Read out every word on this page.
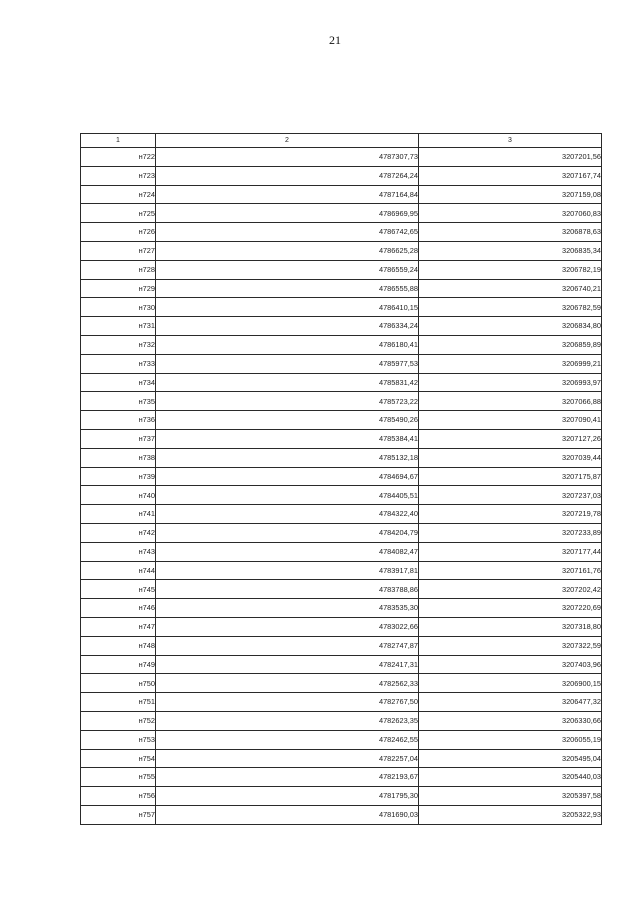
21
1	2	3
н722	4787307,73	3207201,56
н723	4787264,24	3207167,74
н724	4787164,84	3207159,08
н725	4786969,95	3207060,83
н726	4786742,65	3206878,63
н727	4786625,28	3206835,34
н728	4786559,24	3206782,19
н729	4786555,88	3206740,21
н730	4786410,15	3206782,59
н731	4786334,24	3206834,80
н732	4786180,41	3206859,89
н733	4785977,53	3206999,21
н734	4785831,42	3206993,97
н735	4785723,22	3207066,88
н736	4785490,26	3207090,41
н737	4785384,41	3207127,26
н738	4785132,18	3207039,44
н739	4784694,67	3207175,87
н740	4784405,51	3207237,03
н741	4784322,40	3207219,78
н742	4784204,79	3207233,89
н743	4784082,47	3207177,44
н744	4783917,81	3207161,76
н745	4783788,86	3207202,42
н746	4783535,30	3207220,69
н747	4783022,66	3207318,80
н748	4782747,87	3207322,59
н749	4782417,31	3207403,96
н750	4782562,33	3206900,15
н751	4782767,50	3206477,32
н752	4782623,35	3206330,66
н753	4782462,55	3206055,19
н754	4782257,04	3205495,04
н755	4782193,67	3205440,03
н756	4781795,30	3205397,58
н757	4781690,03	3205322,93
